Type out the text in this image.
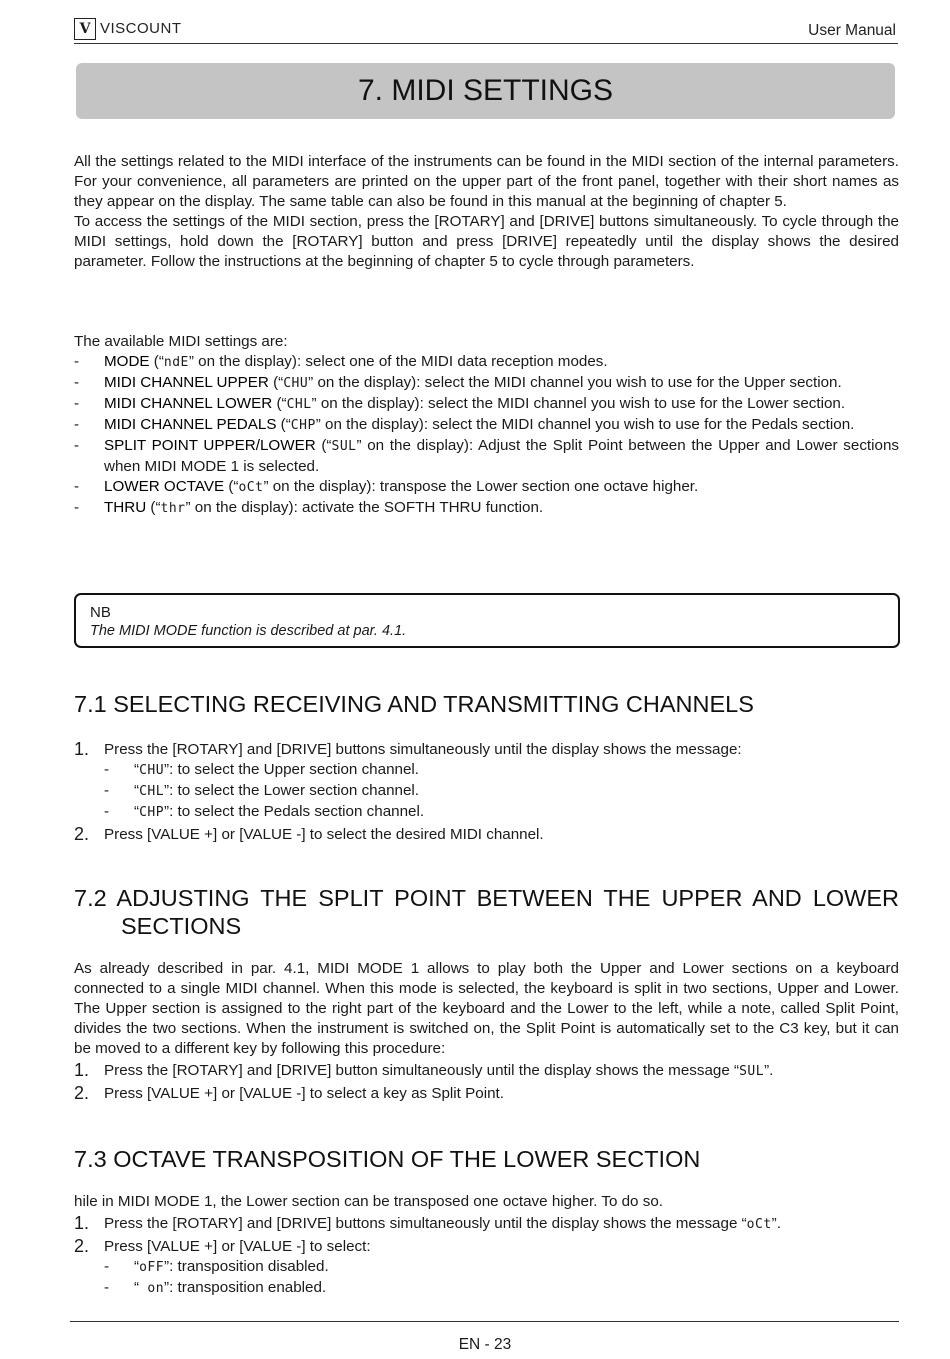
V VISCOUNT	User Manual
7. MIDI SETTINGS

All the settings related to the MIDI interface of the instruments can be found in the MIDI section of the internal parameters. For your convenience, all parameters are printed on the upper part of the front panel, together with their short names as they appear on the display. The same table can also be found in this manual at the beginning of chapter 5.

To access the settings of the MIDI section, press the [ROTARY] and [DRIVE] buttons simultaneously. To cycle through the MIDI settings, hold down the [ROTARY] button and press [DRIVE] repeatedly until the display shows the desired parameter. Follow the instructions at the beginning of chapter 5 to cycle through parameters.

The available MIDI settings are:

- MODE (“ndE” on the display): select one of the MIDI data reception modes.
- MIDI CHANNEL UPPER (“CHU” on the display): select the MIDI channel you wish to use for the Upper section.
- MIDI CHANNEL LOWER (“CHL” on the display): select the MIDI channel you wish to use for the Lower section.
- MIDI CHANNEL PEDALS (“CHP” on the display): select the MIDI channel you wish to use for the Pedals section.
- SPLIT POINT UPPER/LOWER (“SUL” on the display): Adjust the Split Point between the Upper and Lower sections when MIDI MODE 1 is selected.
- LOWER OCTAVE (“oCt” on the display): transpose the Lower section one octave higher.
- THRU (“thr” on the display): activate the SOFTH THRU function.
NB
The MIDI MODE function is described at par. 4.1.
7.1 SELECTING RECEIVING AND TRANSMITTING CHANNELS
1. Press the [ROTARY] and [DRIVE] buttons simultaneously until the display shows the message:
- “CHU”: to select the Upper section channel.
- “CHL”: to select the Lower section channel.
- “CHP”: to select the Pedals section channel.
2. Press [VALUE +] or [VALUE -] to select the desired MIDI channel.
7.2 ADJUSTING THE SPLIT POINT BETWEEN THE UPPER AND LOWER
SECTIONS

As already described in par. 4.1, MIDI MODE 1 allows to play both the Upper and Lower sections on a keyboard connected to a single MIDI channel. When this mode is selected, the keyboard is split in two sections, Upper and Lower. The Upper section is assigned to the right part of the keyboard and the Lower to the left, while a note, called Split Point, divides the two sections. When the instrument is switched on, the Split Point is automatically set to the C3 key, but it can be moved to a different key by following this procedure:

1. Press the [ROTARY] and [DRIVE] button simultaneously until the display shows the message “SUL”.
2. Press [VALUE +] or [VALUE -] to select a key as Split Point.
7.3 OCTAVE TRANSPOSITION OF THE LOWER SECTION

hile in MIDI MODE 1, the Lower section can be transposed one octave higher. To do so.

1. Press the [ROTARY] and [DRIVE] buttons simultaneously until the display shows the message “oCt”.
2. Press [VALUE +] or [VALUE -] to select:
- “oFF”: transposition disabled.
- “ on”: transposition enabled.
EN - 23
